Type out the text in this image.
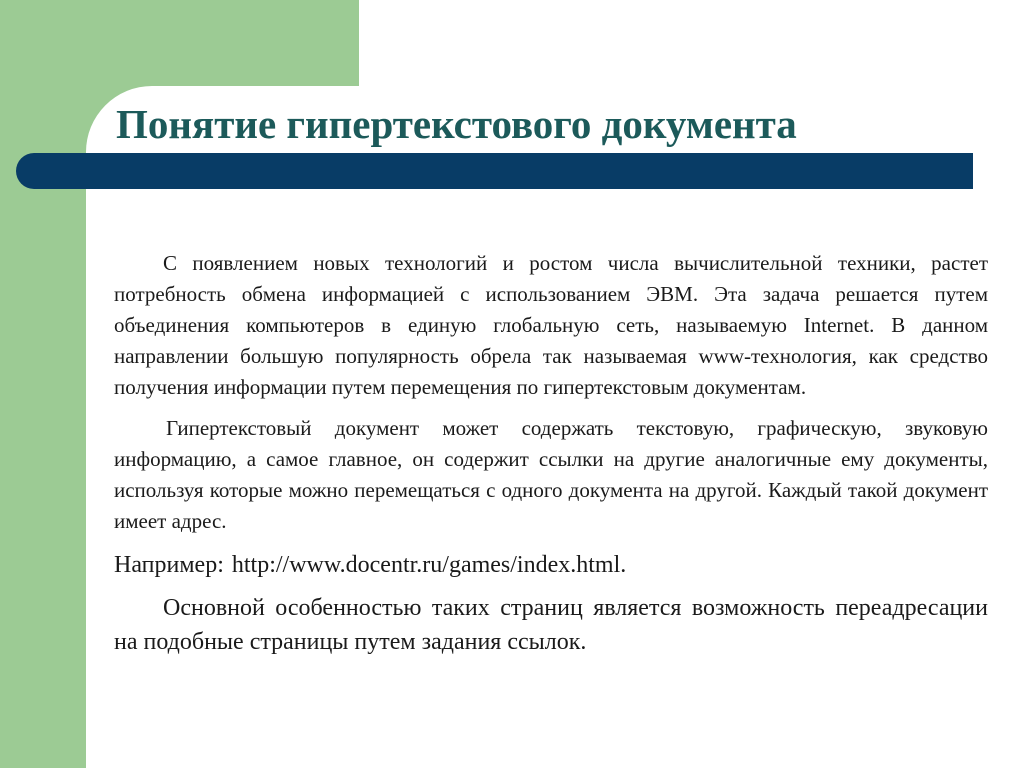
Понятие гипертекстового документа

С появлением новых технологий и ростом числа вычислительной техники, растет потребность обмена информацией с использованием ЭВМ. Эта задача решается путем объединения компьютеров в единую глобальную сеть, называемую Internet. В данном направлении большую популярность обрела так называемая www-технология, как средство получения информации путем перемещения по гипертекстовым документам.

Гипертекстовый документ может содержать текстовую, графическую, звуковую информацию, а самое главное, он содержит ссылки на другие аналогичные ему документы, используя которые можно перемещаться с одного документа на другой. Каждый такой документ имеет адрес.

Например: http://www.docentr.ru/games/index.html.

Основной особенностью таких страниц является возможность переадресации на подобные страницы путем задания ссылок.
